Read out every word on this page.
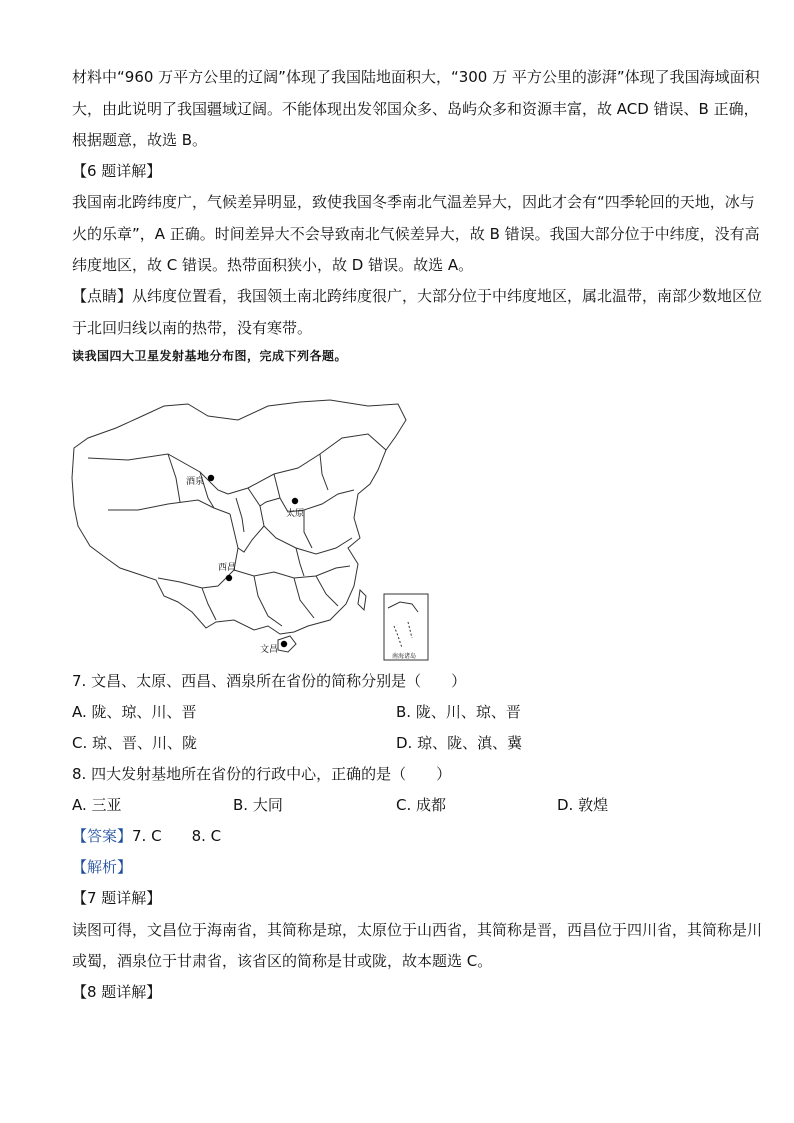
材料中“960 万平方公里的辽阔”体现了我国陆地面积大，“300 万 平方公里的澎湃”体现了我国海域面积
大，由此说明了我国疆域辽阔。不能体现出发邻国众多、岛屿众多和资源丰富，故 ACD 错误、B 正确，
根据题意，故选 B。
【6 题详解】
我国南北跨纬度广，气候差异明显，致使我国冬季南北气温差异大，因此才会有“四季轮回的天地，冰与
火的乐章”，A 正确。时间差异大不会导致南北气候差异大，故 B 错误。我国大部分位于中纬度，没有高
纬度地区，故 C 错误。热带面积狭小，故 D 错误。故选 A。
【点睛】从纬度位置看，我国领土南北跨纬度很广，大部分位于中纬度地区，属北温带，南部少数地区位
于北回归线以南的热带，没有寒带。
读我国四大卫星发射基地分布图，完成下列各题。
酒泉
太原
西昌
文昌
南海诸岛
7. 文昌、太原、西昌、酒泉所在省份的简称分别是（　　）
A. 陇、琼、川、晋	B. 陇、川、琼、晋
C. 琼、晋、川、陇	D. 琼、陇、滇、冀
8. 四大发射基地所在省份的行政中心，正确的是（　　）
A. 三亚	B. 大同	C. 成都	D. 敦煌
【答案】7. C　　8. C
【解析】
【7 题详解】
读图可得，文昌位于海南省，其简称是琼，太原位于山西省，其简称是晋，西昌位于四川省，其简称是川
或蜀，酒泉位于甘肃省，该省区的简称是甘或陇，故本题选 C。
【8 题详解】
